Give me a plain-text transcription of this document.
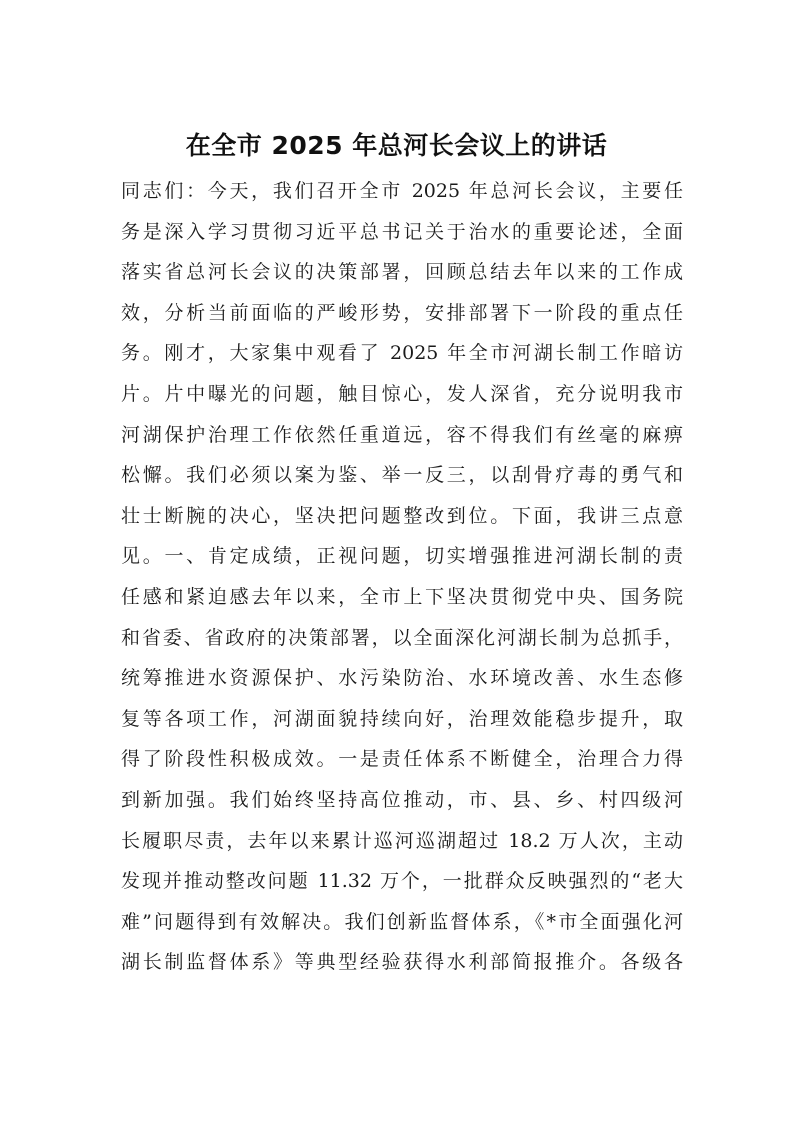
在全市 2025 年总河长会议上的讲话
同志们：今天，我们召开全市 2025 年总河长会议，主要任
务是深入学习贯彻习近平总书记关于治水的重要论述，全面
落实省总河长会议的决策部署，回顾总结去年以来的工作成
效，分析当前面临的严峻形势，安排部署下一阶段的重点任
务。刚才，大家集中观看了 2025 年全市河湖长制工作暗访
片。片中曝光的问题，触目惊心，发人深省，充分说明我市
河湖保护治理工作依然任重道远，容不得我们有丝毫的麻痹
松懈。我们必须以案为鉴、举一反三，以刮骨疗毒的勇气和
壮士断腕的决心，坚决把问题整改到位。下面，我讲三点意
见。一、肯定成绩，正视问题，切实增强推进河湖长制的责
任感和紧迫感去年以来，全市上下坚决贯彻党中央、国务院
和省委、省政府的决策部署，以全面深化河湖长制为总抓手，
统筹推进水资源保护、水污染防治、水环境改善、水生态修
复等各项工作，河湖面貌持续向好，治理效能稳步提升，取
得了阶段性积极成效。一是责任体系不断健全，治理合力得
到新加强。我们始终坚持高位推动，市、县、乡、村四级河
长履职尽责，去年以来累计巡河巡湖超过 18.2 万人次，主动
发现并推动整改问题 11.32 万个，一批群众反映强烈的“老大
难”问题得到有效解决。我们创新监督体系，《*市全面强化河
湖长制监督体系》等典型经验获得水利部简报推介。各级各
